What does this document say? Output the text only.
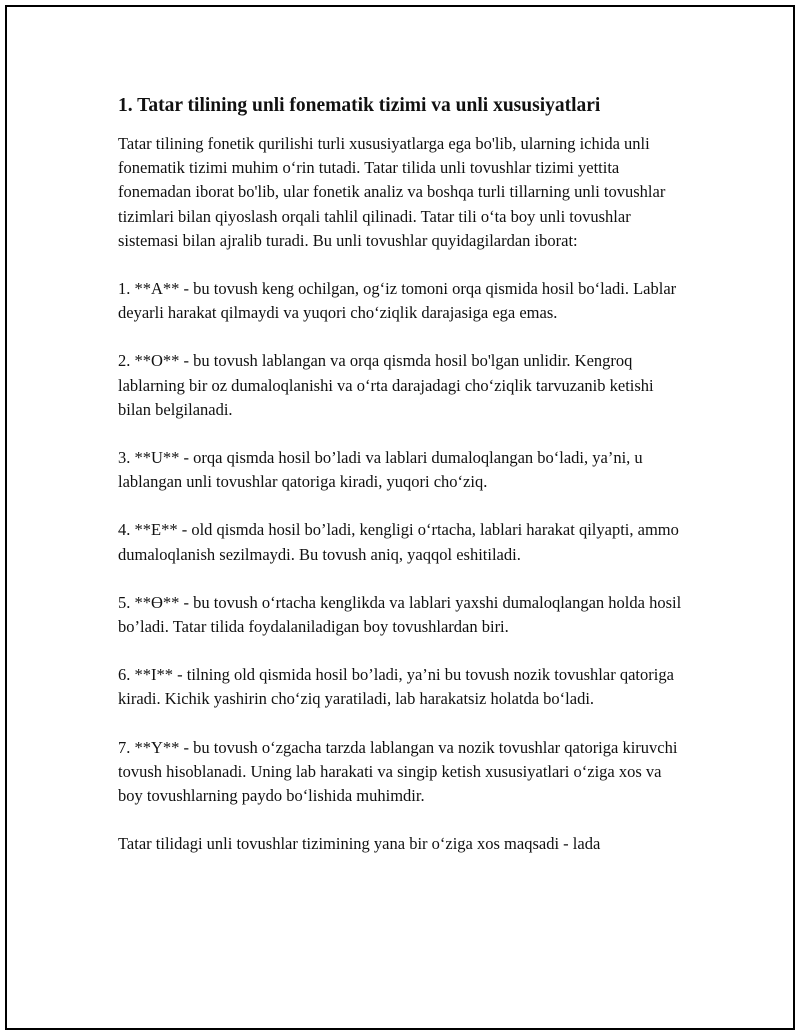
1. Tatar tilining unli fonematik tizimi va unli xususiyatlari

Tatar tilining fonetik qurilishi turli xususiyatlarga ega bo'lib, ularning ichida unli fonematik tizimi muhim oʻrin tutadi. Tatar tilida unli tovushlar tizimi yettita fonemadan iborat bo'lib, ular fonetik analiz va boshqa turli tillarning unli tovushlar tizimlari bilan qiyoslash orqali tahlil qilinadi. Tatar tili oʻta boy unli tovushlar sistemasi bilan ajralib turadi. Bu unli tovushlar quyidagilardan iborat:

1. **A** - bu tovush keng ochilgan, ogʻiz tomoni orqa qismida hosil boʻladi. Lablar deyarli harakat qilmaydi va yuqori choʻziqlik darajasiga ega emas.

2. **O** - bu tovush lablangan va orqa qismda hosil bo'lgan unlidir. Kengroq lablarning bir oz dumaloqlanishi va oʻrta darajadagi choʻziqlik tarvuzanib ketishi bilan belgilanadi.

3. **U** - orqa qismda hosil bo’ladi va lablari dumaloqlangan bo‘ladi, ya’ni, u lablangan unli tovushlar qatoriga kiradi, yuqori choʻziq.

4. **E** - old qismda hosil bo’ladi, kengligi oʻrtacha, lablari harakat qilyapti, ammo dumaloqlanish sezilmaydi. Bu tovush aniq, yaqqol eshitiladi.

5. **Ө** - bu tovush oʻrtacha kenglikda va lablari yaxshi dumaloqlangan holda hosil bo’ladi. Tatar tilida foydalaniladigan boy tovushlardan biri.

6. **I** - tilning old qismida hosil bo’ladi, ya’ni bu tovush nozik tovushlar qatoriga kiradi. Kichik yashirin choʻziq yaratiladi, lab harakatsiz holatda boʻladi.

7. **Y** - bu tovush oʻzgacha tarzda lablangan va nozik tovushlar qatoriga kiruvchi tovush hisoblanadi. Uning lab harakati va singip ketish xususiyatlari oʻziga xos va boy tovushlarning paydo boʻlishida muhimdir.

Tatar tilidagi unli tovushlar tizimining yana bir oʻziga xos maqsadi - lada
